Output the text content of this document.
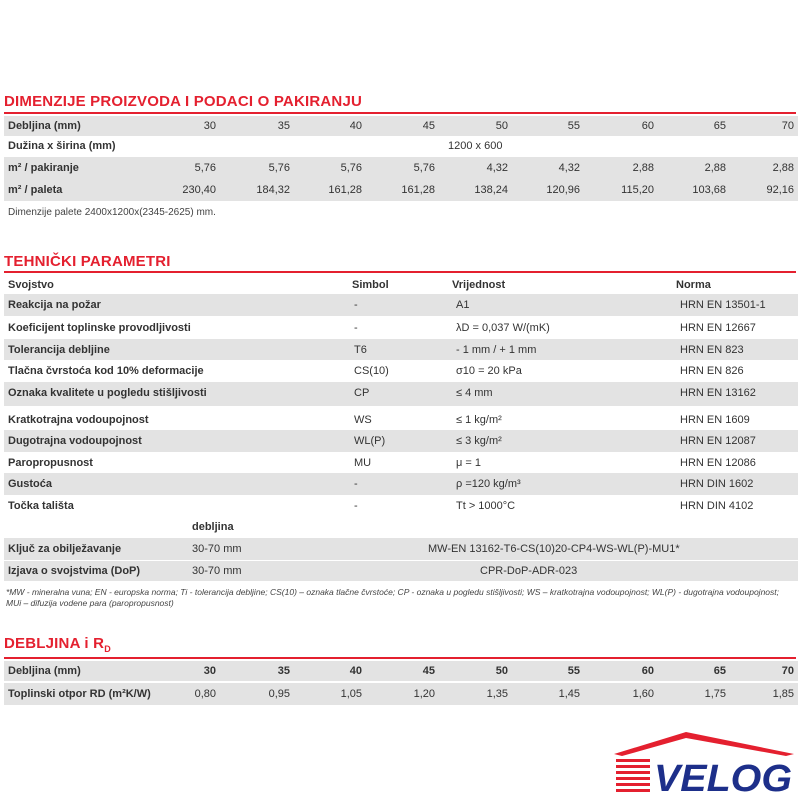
DIMENZIJE PROIZVODA I PODACI O PAKIRANJU
Debljina (mm)	30	35	40	45	50	55	60	65	70
Dužina x širina (mm)	1200 x 600
m² / pakiranje	5,76	5,76	5,76	5,76	4,32	4,32	2,88	2,88	2,88
m² / paleta	230,40	184,32	161,28	161,28	138,24	120,96	115,20	103,68	92,16
Dimenzije palete 2400x1200x(2345-2625) mm.
TEHNIČKI PARAMETRI
Svojstvo	Simbol	Vrijednost	Norma
Reakcija na požar	-	A1	HRN EN 13501-1
Koeficijent toplinske provodljivosti	-	λD = 0,037 W/(mK)	HRN EN 12667
Tolerancija debljine	T6	- 1 mm / + 1 mm	HRN EN 823
Tlačna čvrstoća kod 10% deformacije	CS(10)	σ10 = 20 kPa	HRN EN 826
Oznaka kvalitete u pogledu stišljivosti	CP	≤ 4 mm	HRN EN 13162
Kratkotrajna vodoupojnost	WS	≤ 1 kg/m²	HRN EN 1609
Dugotrajna vodoupojnost	WL(P)	≤ 3 kg/m²	HRN EN 12087
Paropropusnost	MU	μ = 1	HRN EN 12086
Gustoća	-	ρ =120 kg/m³	HRN DIN 1602
Točka tališta	-	Tt > 1000°C	HRN DIN 4102
debljina
Ključ za obilježavanje	30-70 mm	MW-EN 13162-T6-CS(10)20-CP4-WS-WL(P)-MU1*
Izjava o svojstvima (DoP)	30-70 mm	CPR-DoP-ADR-023
*MW - mineralna vuna; EN - europska norma; Ti - tolerancija debljine; CS(10) – oznaka tlačne čvrstoće; CP - oznaka u pogledu stišljivosti; WS – kratkotrajna vodoupojnost; WL(P) - dugotrajna vodoupojnost; MUi – difuzija vodene para (paropropusnost)
DEBLJINA i $R_D$
Debljina (mm)	30	35	40	45	50	55	60	65	70
Toplinski otpor RD (m²K/W)	0,80	0,95	1,05	1,20	1,35	1,45	1,60	1,75	1,85
VELOG
